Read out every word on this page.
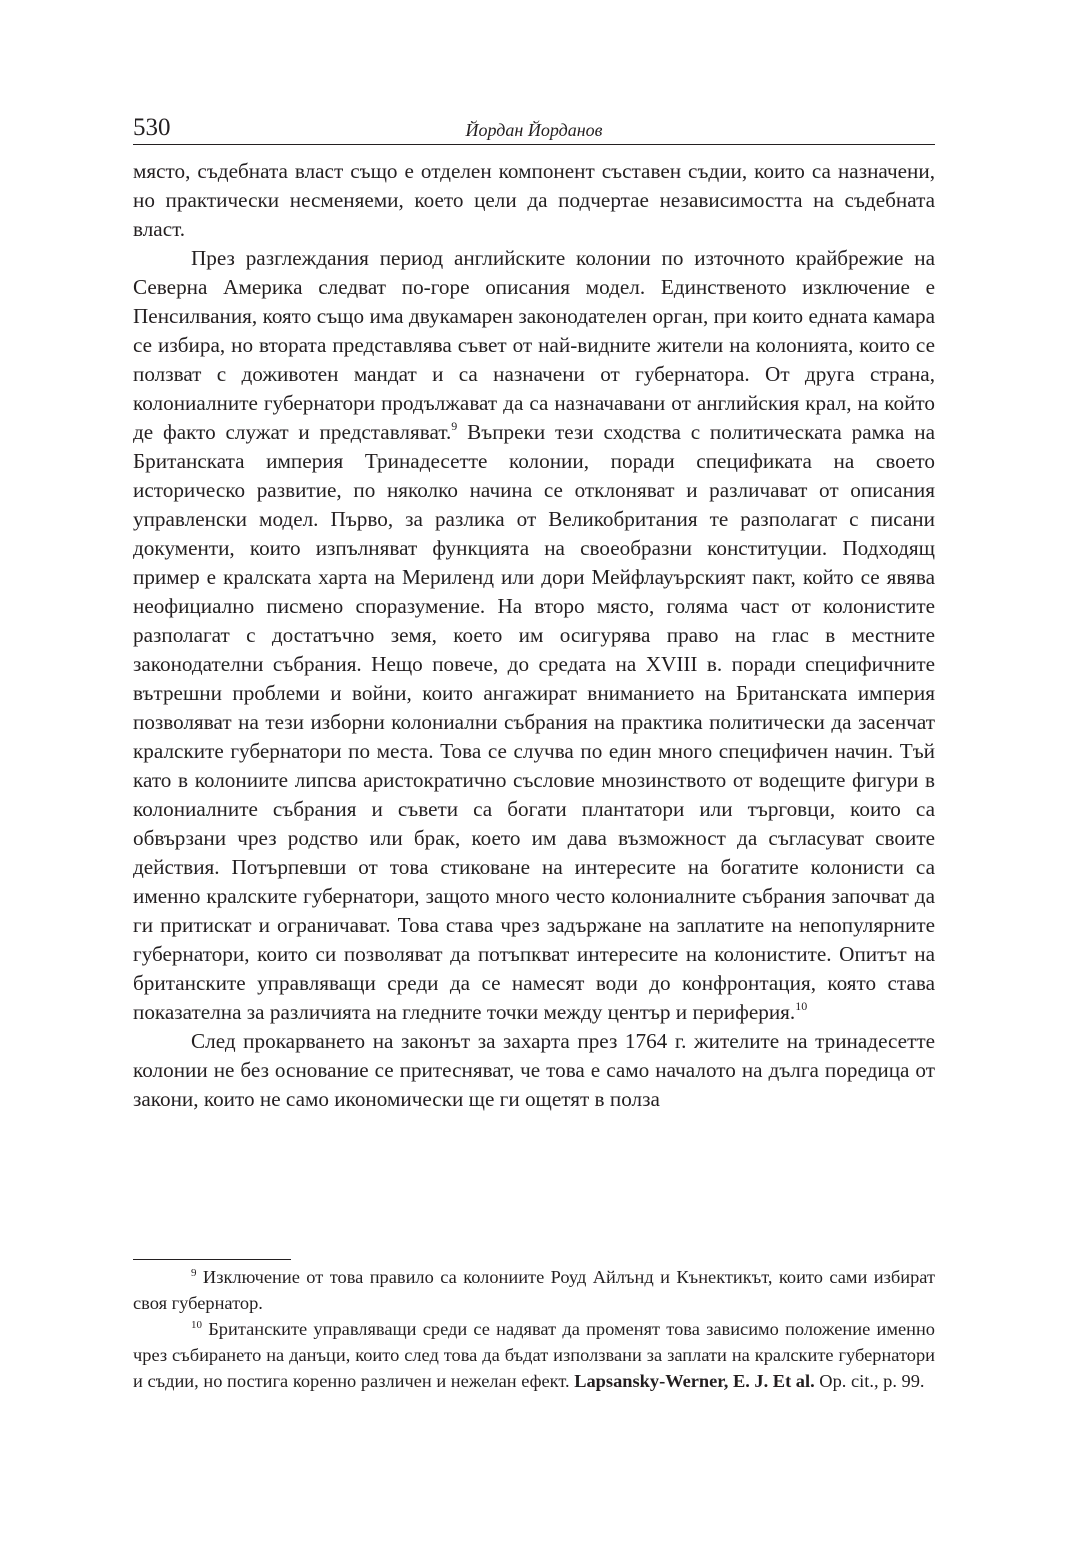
530	Йордан Йорданов

място, съдебната власт също е отделен компонент съставен съдии, които са назначени, но практически несменяеми, което цели да подчертае независимостта на съдебната власт.

През разглеждания период английските колонии по източното крайбрежие на Северна Америка следват по-горе описания модел. Единственото изключение е Пенсилвания, която също има двукамарен законодателен орган, при които едната камара се избира, но втората представлява съвет от най-видните жители на колонията, които се ползват с доживотен мандат и са назначени от губернатора. От друга страна, колониалните губернатори продължават да са назначавани от английския крал, на който де факто служат и представляват.$^9$ Въпреки тези сходства с политическата рамка на Британската империя Тринадесетте колонии, поради спецификата на своето историческо развитие, по няколко начина се отклоняват и различават от описания управленски модел. Първо, за разлика от Великобритания те разполагат с писани документи, които изпълняват функцията на своеобразни конституции. Подходящ пример е кралската харта на Мериленд или дори Мейфлауърският пакт, който се явява неофициално писмено споразумение. На второ място, голяма част от колонистите разполагат с достатъчно земя, което им осигурява право на глас в местните законодателни събрания. Нещо повече, до средата на XVIII в. поради специфичните вътрешни проблеми и войни, които ангажират вниманието на Британската империя позволяват на тези изборни колониални събрания на практика политически да засенчат кралските губернатори по места. Това се случва по един много специфичен начин. Тъй като в колониите липсва аристократично съсловие мнозинството от водещите фигури в колониалните събрания и съвети са богати плантатори или търговци, които са обвързани чрез родство или брак, което им дава възможност да съгласуват своите действия. Потърпевши от това стиковане на интересите на богатите колонисти са именно кралските губернатори, защото много често колониалните събрания започват да ги притискат и ограничават. Това става чрез задържане на заплатите на непопулярните губернатори, които си позволяват да потъпкват интересите на колонистите. Опитът на британските управляващи среди да се намесят води до конфронтация, която става показателна за различията на гледните точки между център и периферия.$^{10}$

След прокарването на законът за захарта през 1764 г. жителите на тринадесетте колонии не без основание се притесняват, че това е само началото на дълга поредица от закони, които не само икономически ще ги ощетят в полза

$^9$ Изключение от това правило са колониите Роуд Айлънд и Кънектикът, които сами избират своя губернатор.

$^{10}$ Британските управляващи среди се надяват да променят това зависимо положение именно чрез събирането на данъци, които след това да бъдат използвани за заплати на кралските губернатори и съдии, но постига коренно различен и нежелан ефект. Lapsansky-Werner, E. J. Et al. Op. cit., p. 99.
